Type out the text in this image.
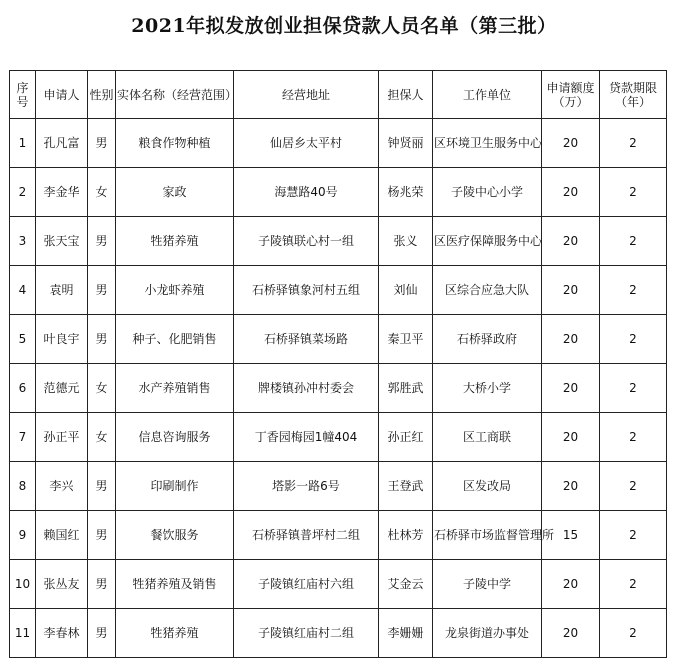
2021年拟发放创业担保贷款人员名单（第三批）
序号	申请人	性别	实体名称（经营范围）	经营地址	担保人	工作单位	申请额度（万）	贷款期限（年）
1	孔凡富	男	粮食作物种植	仙居乡太平村	钟贤丽	区环境卫生服务中心	20	2
2	李金华	女	家政	海慧路40号	杨兆荣	子陵中心小学	20	2
3	张天宝	男	牲猪养殖	子陵镇联心村一组	张义	区医疗保障服务中心	20	2
4	袁明	男	小龙虾养殖	石桥驿镇象河村五组	刘仙	区综合应急大队	20	2
5	叶良宇	男	种子、化肥销售	石桥驿镇菜场路	秦卫平	石桥驿政府	20	2
6	范德元	女	水产养殖销售	牌楼镇孙冲村委会	郭胜武	大桥小学	20	2
7	孙正平	女	信息咨询服务	丁香园梅园1幢404	孙正红	区工商联	20	2
8	李兴	男	印刷制作	塔影一路6号	王登武	区发改局	20	2
9	赖国红	男	餐饮服务	石桥驿镇普坪村二组	杜林芳	石桥驿市场监督管理所	15	2
10	张丛友	男	牲猪养殖及销售	子陵镇红庙村六组	艾金云	子陵中学	20	2
11	李春林	男	牲猪养殖	子陵镇红庙村二组	李姗姗	龙泉街道办事处	20	2
